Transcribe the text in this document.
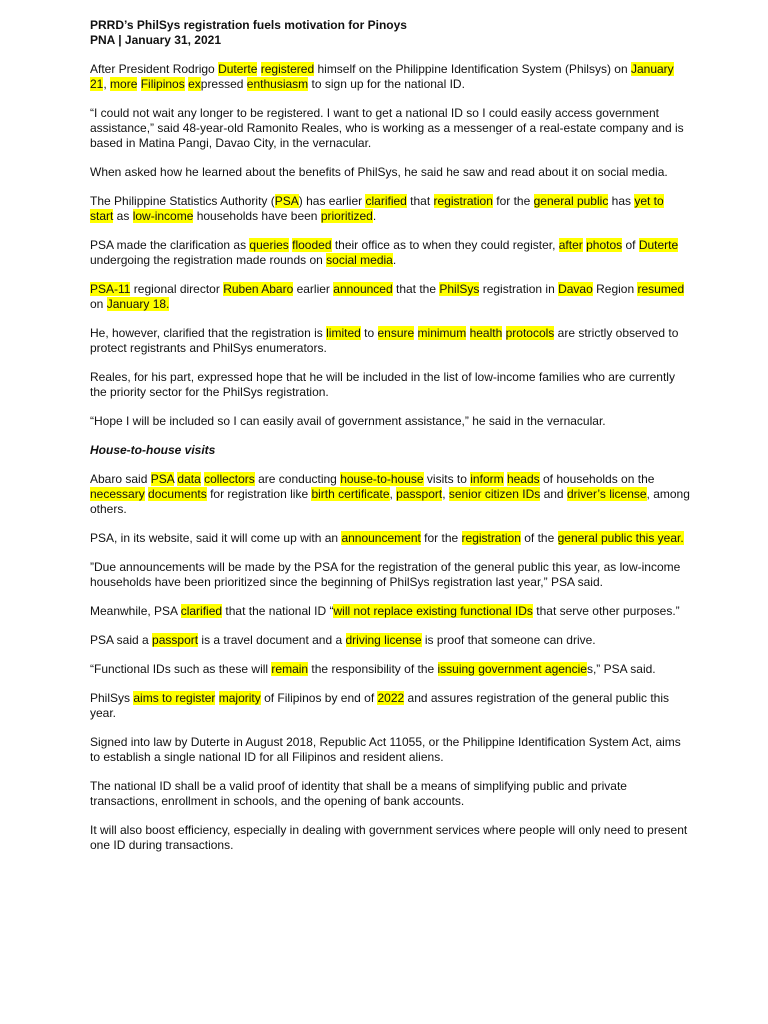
PRRD’s PhilSys registration fuels motivation for Pinoys
PNA | January 31, 2021

After President Rodrigo Duterte registered himself on the Philippine Identification System (Philsys) on January 21, more Filipinos expressed enthusiasm to sign up for the national ID.

“I could not wait any longer to be registered. I want to get a national ID so I could easily access government assistance,” said 48-year-old Ramonito Reales, who is working as a messenger of a real-estate company and is based in Matina Pangi, Davao City, in the vernacular.

When asked how he learned about the benefits of PhilSys, he said he saw and read about it on social media.

The Philippine Statistics Authority (PSA) has earlier clarified that registration for the general public has yet to start as low-income households have been prioritized.

PSA made the clarification as queries flooded their office as to when they could register, after photos of Duterte undergoing the registration made rounds on social media.

PSA-11 regional director Ruben Abaro earlier announced that the PhilSys registration in Davao Region resumed on January 18.

He, however, clarified that the registration is limited to ensure minimum health protocols are strictly observed to protect registrants and PhilSys enumerators.

Reales, for his part, expressed hope that he will be included in the list of low-income families who are currently the priority sector for the PhilSys registration.

“Hope I will be included so I can easily avail of government assistance,” he said in the vernacular.

House-to-house visits

Abaro said PSA data collectors are conducting house-to-house visits to inform heads of households on the necessary documents for registration like birth certificate, passport, senior citizen IDs and driver’s license, among others.

PSA, in its website, said it will come up with an announcement for the registration of the general public this year.

”Due announcements will be made by the PSA for the registration of the general public this year, as low-income households have been prioritized since the beginning of PhilSys registration last year,” PSA said.

Meanwhile, PSA clarified that the national ID “will not replace existing functional IDs that serve other purposes.”

PSA said a passport is a travel document and a driving license is proof that someone can drive.

“Functional IDs such as these will remain the responsibility of the issuing government agencies,” PSA said.

PhilSys aims to register majority of Filipinos by end of 2022 and assures registration of the general public this year.

Signed into law by Duterte in August 2018, Republic Act 11055, or the Philippine Identification System Act, aims to establish a single national ID for all Filipinos and resident aliens.

The national ID shall be a valid proof of identity that shall be a means of simplifying public and private transactions, enrollment in schools, and the opening of bank accounts.

It will also boost efficiency, especially in dealing with government services where people will only need to present one ID during transactions.
